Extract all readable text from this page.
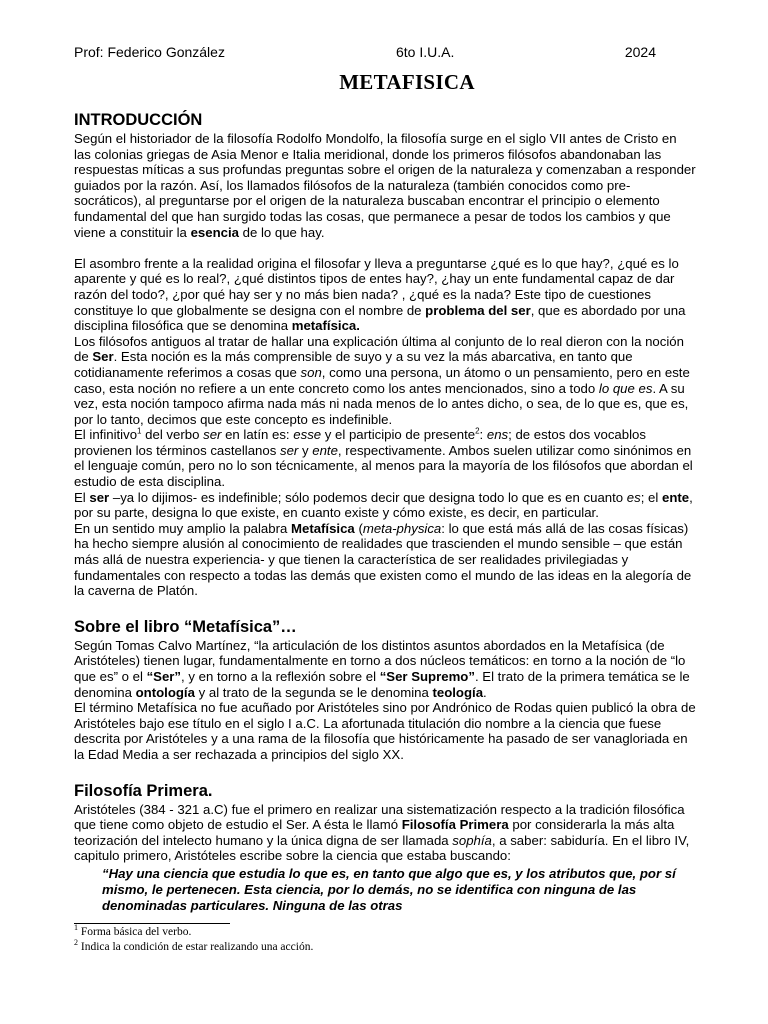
Prof: Federico González	6to I.U.A.	2024
METAFISICA
INTRODUCCIÓN

Según el historiador de la filosofía Rodolfo Mondolfo, la filosofía surge en el siglo VII antes de Cristo en las colonias griegas de Asia Menor e Italia meridional, donde los primeros filósofos abandonaban las respuestas míticas a sus profundas preguntas sobre el origen de la naturaleza y comenzaban a responder guiados por la razón. Así, los llamados filósofos de la naturaleza (también conocidos como pre-socráticos), al preguntarse por el origen de la naturaleza buscaban encontrar el principio o elemento fundamental del que han surgido todas las cosas, que permanece a pesar de todos los cambios y que viene a constituir la esencia de lo que hay.

El asombro frente a la realidad origina el filosofar y lleva a preguntarse ¿qué es lo que hay?, ¿qué es lo aparente y qué es lo real?, ¿qué distintos tipos de entes hay?, ¿hay un ente fundamental capaz de dar razón del todo?, ¿por qué hay ser y no más bien nada? , ¿qué es la nada? Este tipo de cuestiones constituye lo que globalmente se designa con el nombre de problema del ser, que es abordado por una disciplina filosófica que se denomina metafísica.

Los filósofos antiguos al tratar de hallar una explicación última al conjunto de lo real dieron con la noción de Ser. Esta noción es la más comprensible de suyo y a su vez la más abarcativa, en tanto que cotidianamente referimos a cosas que son, como una persona, un átomo o un pensamiento, pero en este caso, esta noción no refiere a un ente concreto como los antes mencionados, sino a todo lo que es. A su vez, esta noción tampoco afirma nada más ni nada menos de lo antes dicho, o sea, de lo que es, que es, por lo tanto, decimos que este concepto es indefinible.

El infinitivo$^1$ del verbo ser en latín es: esse y el participio de presente$^2$: ens; de estos dos vocablos provienen los términos castellanos ser y ente, respectivamente. Ambos suelen utilizar como sinónimos en el lenguaje común, pero no lo son técnicamente, al menos para la mayoría de los filósofos que abordan el estudio de esta disciplina.

El ser –ya lo dijimos- es indefinible; sólo podemos decir que designa todo lo que es en cuanto es; el ente, por su parte, designa lo que existe, en cuanto existe y cómo existe, es decir, en particular.

En un sentido muy amplio la palabra Metafísica (meta-physica: lo que está más allá de las cosas físicas) ha hecho siempre alusión al conocimiento de realidades que trascienden el mundo sensible – que están más allá de nuestra experiencia- y que tienen la característica de ser realidades privilegiadas y fundamentales con respecto a todas las demás que existen como el mundo de las ideas en la alegoría de la caverna de Platón.

Sobre el libro “Metafísica”…

Según Tomas Calvo Martínez, “la articulación de los distintos asuntos abordados en la Metafísica (de Aristóteles) tienen lugar, fundamentalmente en torno a dos núcleos temáticos: en torno a la noción de “lo que es” o el “Ser”, y en torno a la reflexión sobre el “Ser Supremo”. El trato de la primera temática se le denomina ontología y al trato de la segunda se le denomina teología.

El término Metafísica no fue acuñado por Aristóteles sino por Andrónico de Rodas quien publicó la obra de Aristóteles bajo ese título en el siglo I a.C. La afortunada titulación dio nombre a la ciencia que fuese descrita por Aristóteles y a una rama de la filosofía que históricamente ha pasado de ser vanagloriada en la Edad Media a ser rechazada a principios del siglo XX.

Filosofía Primera.

Aristóteles (384 - 321 a.C) fue el primero en realizar una sistematización respecto a la tradición filosófica que tiene como objeto de estudio el Ser. A ésta le llamó Filosofía Primera por considerarla la más alta teorización del intelecto humano y la única digna de ser llamada sophía, a saber: sabiduría. En el libro IV, capitulo primero, Aristóteles escribe sobre la ciencia que estaba buscando:

“Hay una ciencia que estudia lo que es, en tanto que algo que es, y los atributos que, por sí mismo, le pertenecen. Esta ciencia, por lo demás, no se identifica con ninguna de las denominadas particulares. Ninguna de las otras

$^1$ Forma básica del verbo.
$^2$ Indica la condición de estar realizando una acción.
